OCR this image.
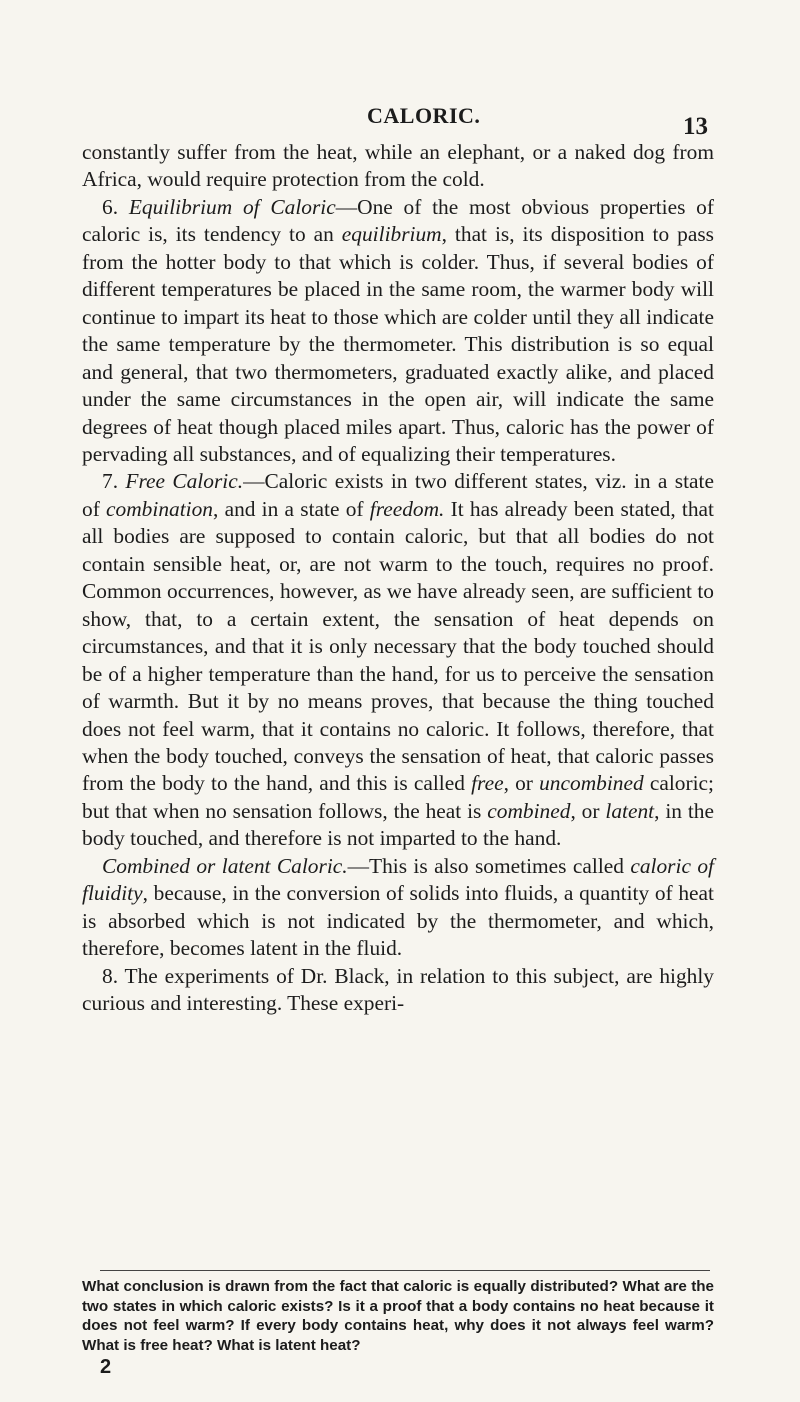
CALORIC.	13

constantly suffer from the heat, while an elephant, or a naked dog from Africa, would require protection from the cold.

6. Equilibrium of Caloric—One of the most obvious properties of caloric is, its tendency to an equilibrium, that is, its disposition to pass from the hotter body to that which is colder. Thus, if several bodies of different temperatures be placed in the same room, the warmer body will continue to impart its heat to those which are colder until they all indicate the same temperature by the thermometer. This distribution is so equal and general, that two thermometers, graduated exactly alike, and placed under the same circumstances in the open air, will indicate the same degrees of heat though placed miles apart. Thus, caloric has the power of pervading all substances, and of equalizing their temperatures.

7. Free Caloric.—Caloric exists in two different states, viz. in a state of combination, and in a state of freedom. It has already been stated, that all bodies are supposed to contain caloric, but that all bodies do not contain sensible heat, or, are not warm to the touch, requires no proof. Common occurrences, however, as we have already seen, are sufficient to show, that, to a certain extent, the sensation of heat depends on circumstances, and that it is only necessary that the body touched should be of a higher temperature than the hand, for us to perceive the sensation of warmth. But it by no means proves, that because the thing touched does not feel warm, that it contains no caloric. It follows, therefore, that when the body touched, conveys the sensation of heat, that caloric passes from the body to the hand, and this is called free, or uncombined caloric; but that when no sensation follows, the heat is combined, or latent, in the body touched, and therefore is not imparted to the hand.

Combined or latent Caloric.—This is also sometimes called caloric of fluidity, because, in the conversion of solids into fluids, a quantity of heat is absorbed which is not indicated by the thermometer, and which, therefore, becomes latent in the fluid.

8. The experiments of Dr. Black, in relation to this subject, are highly curious and interesting. These experi-

What conclusion is drawn from the fact that caloric is equally distributed? What are the two states in which caloric exists? Is it a proof that a body contains no heat because it does not feel warm? If every body contains heat, why does it not always feel warm? What is free heat? What is latent heat?
2
